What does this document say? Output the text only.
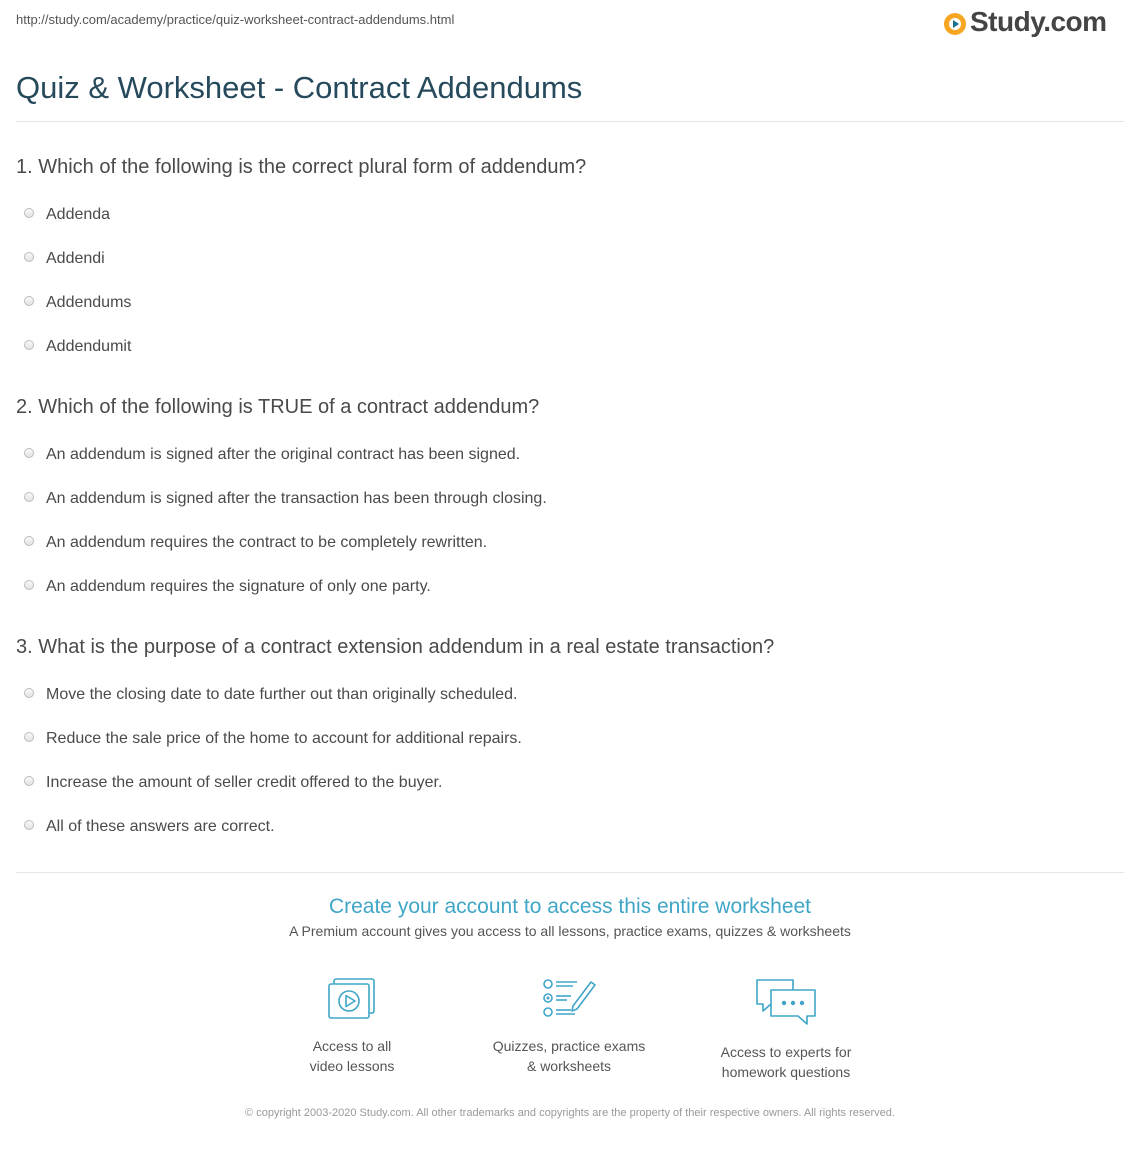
http://study.com/academy/practice/quiz-worksheet-contract-addendums.html	Study.com
Quiz & Worksheet - Contract Addendums

1. Which of the following is the correct plural form of addendum?

Addenda
Addendi
Addendums
Addendumit

2. Which of the following is TRUE of a contract addendum?

An addendum is signed after the original contract has been signed.
An addendum is signed after the transaction has been through closing.
An addendum requires the contract to be completely rewritten.
An addendum requires the signature of only one party.

3. What is the purpose of a contract extension addendum in a real estate transaction?

Move the closing date to date further out than originally scheduled.
Reduce the sale price of the home to account for additional repairs.
Increase the amount of seller credit offered to the buyer.
All of these answers are correct.

Create your account to access this entire worksheet

A Premium account gives you access to all lessons, practice exams, quizzes & worksheets
Access to all
video lessons
Quizzes, practice exams
& worksheets
Access to experts for
homework questions
© copyright 2003-2020 Study.com. All other trademarks and copyrights are the property of their respective owners. All rights reserved.
